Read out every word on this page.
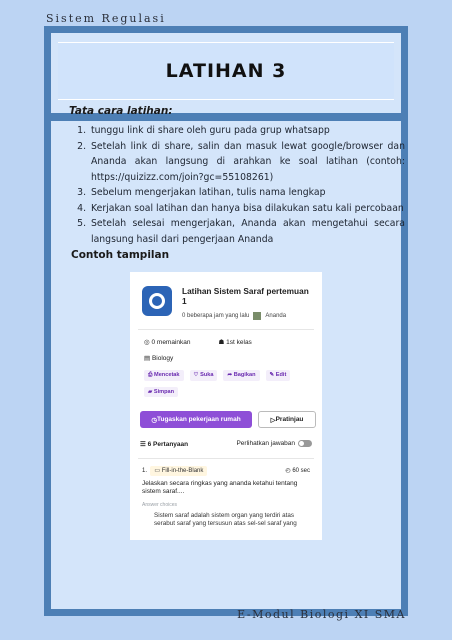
Sistem Regulasi
LATIHAN 3

Tata cara latihan:

1. tunggu link di share oleh guru pada grup whatsapp
2. Setelah link di share, salin dan masuk lewat google/browser dan Ananda akan langsung di arahkan ke soal latihan (contoh: https://quizizz.com/join?gc=55108261)
3. Sebelum mengerjakan latihan, tulis nama lengkap
4. Kerjakan soal latihan dan hanya bisa dilakukan satu kali percobaan
5. Setelah selesai mengerjakan, Ananda akan mengetahui secara langsung hasil dari pengerjaan Ananda

Contoh tampilan

Latihan Sistem Saraf pertemuan 1
0 beberapa jam yang lalu	Ananda
◎ 0 memainkan	☗ 1st kelas
▤ Biology
⎙ Mencetak	♡ Suka	➦ Bagikan	✎ Edit
▰ Simpan
◷ Tugaskan pekerjaan rumah	▷ Pratinjau
☰ 6 Pertanyaan	Perlihatkan jawaban
1. ▭ Fill-in-the-Blank	◴ 60 sec
Jelaskan secara ringkas yang ananda ketahui tentang sistem saraf....
Answer choices
Sistem saraf adalah sistem organ yang terdiri atas serabut saraf yang tersusun atas sel-sel saraf yang
E-Modul Biologi XI SMA
